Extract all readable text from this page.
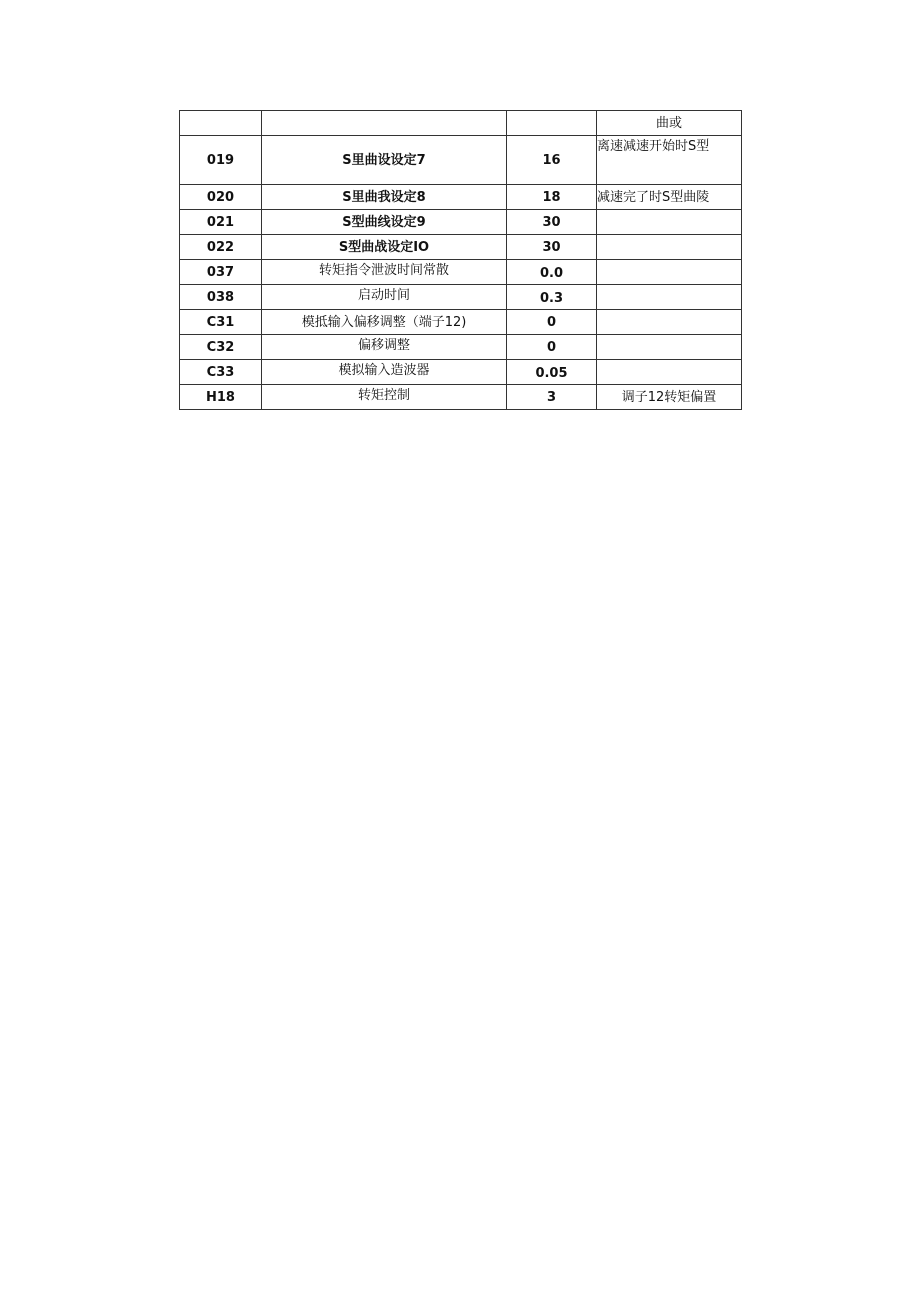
			曲或
019	S里曲设设定7	16	离速减速开始时S型
020	S里曲我设定8	18	减速完了时S型曲陵
021	S型曲线设定9	30	
022	S型曲战设定IO	30	
037	转矩指令泄波时间常散	0.0	
038	启动时间	0.3	
C31	模抵输入偏移调整（端子12)	0	
C32	偏移调整	0	
C33	模拟输入造波器	0.05	
H18	转矩控制	3	调子12转矩偏置
